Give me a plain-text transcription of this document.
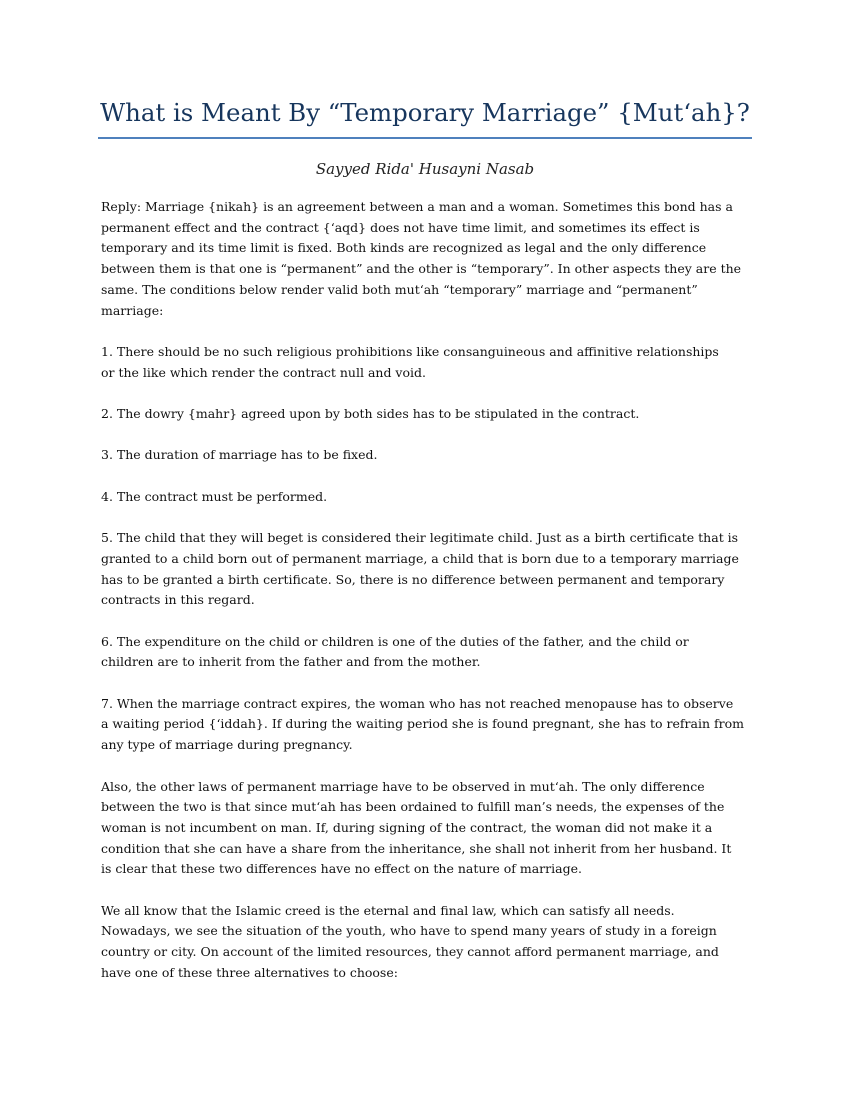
What is Meant By “Temporary Marriage” {Mut‘ah}?
Sayyed Rida' Husayni Nasab
Reply: Marriage {nikah} is an agreement between a man and a woman. Sometimes this bond has a
permanent effect and the contract {‘aqd} does not have time limit, and sometimes its effect is
temporary and its time limit is fixed. Both kinds are recognized as legal and the only difference
between them is that one is “permanent” and the other is “temporary”. In other aspects they are the
same. The conditions below render valid both mut‘ah “temporary” marriage and “permanent”
marriage:
1. There should be no such religious prohibitions like consanguineous and affinitive relationships
or the like which render the contract null and void.
2. The dowry {mahr} agreed upon by both sides has to be stipulated in the contract.
3. The duration of marriage has to be fixed.
4. The contract must be performed.
5. The child that they will beget is considered their legitimate child. Just as a birth certificate that is
granted to a child born out of permanent marriage, a child that is born due to a temporary marriage
has to be granted a birth certificate. So, there is no difference between permanent and temporary
contracts in this regard.
6. The expenditure on the child or children is one of the duties of the father, and the child or
children are to inherit from the father and from the mother.
7. When the marriage contract expires, the woman who has not reached menopause has to observe
a waiting period {‘iddah}. If during the waiting period she is found pregnant, she has to refrain from
any type of marriage during pregnancy.
Also, the other laws of permanent marriage have to be observed in mut‘ah. The only difference
between the two is that since mut‘ah has been ordained to fulfill man’s needs, the expenses of the
woman is not incumbent on man. If, during signing of the contract, the woman did not make it a
condition that she can have a share from the inheritance, she shall not inherit from her husband. It
is clear that these two differences have no effect on the nature of marriage.
We all know that the Islamic creed is the eternal and final law, which can satisfy all needs.
Nowadays, we see the situation of the youth, who have to spend many years of study in a foreign
country or city. On account of the limited resources, they cannot afford permanent marriage, and
have one of these three alternatives to choose:
